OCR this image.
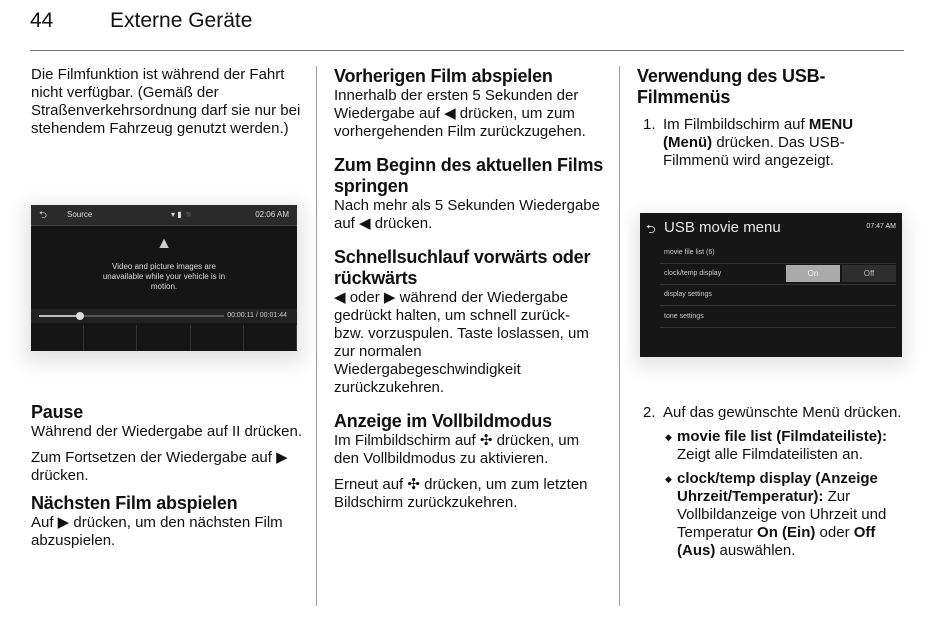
44	Externe Geräte

Die Filmfunktion ist während der Fahrt nicht verfügbar. (Gemäß der Straßenverkehrsordnung darf sie nur bei stehendem Fahrzeug genutzt werden.)

⮌ Source	▾ ▮ ◾	02:06 AM
▲
Video and picture images are unavailable while your vehicle is in motion.
00:00:11 / 00:01:44
Pause

Während der Wiedergabe auf II drücken.

Zum Fortsetzen der Wiedergabe auf ▶ drücken.

Nächsten Film abspielen

Auf ▶ drücken, um den nächsten Film abzuspielen.

Vorherigen Film abspielen

Innerhalb der ersten 5 Sekunden der Wiedergabe auf ◀ drücken, um zum vorhergehenden Film zurückzugehen.

Zum Beginn des aktuellen Films springen

Nach mehr als 5 Sekunden Wiedergabe auf ◀ drücken.

Schnellsuchlauf vorwärts oder rückwärts

◀ oder ▶ während der Wiedergabe gedrückt halten, um schnell zurück- bzw. vorzuspulen. Taste loslassen, um zur normalen Wiedergabegeschwindigkeit zurückzukehren.

Anzeige im Vollbildmodus

Im Filmbildschirm auf ✣ drücken, um den Vollbildmodus zu aktivieren.

Erneut auf ✣ drücken, um zum letzten Bildschirm zurückzukehren.

Verwendung des USB-Filmmenüs
1. Im Filmbildschirm auf MENU (Menü) drücken. Das USB-Filmmenü wird angezeigt.
⮌ USB movie menu	07:47 AM
movie file list (6)
clock/temp display	On	Off
display settings
tone settings
2. Auf das gewünschte Menü drücken.
◆ movie file list (Filmdateiliste): Zeigt alle Filmdateilisten an.
◆ clock/temp display (Anzeige Uhrzeit/Temperatur): Zur Vollbildanzeige von Uhrzeit und Temperatur On (Ein) oder Off (Aus) auswählen.
